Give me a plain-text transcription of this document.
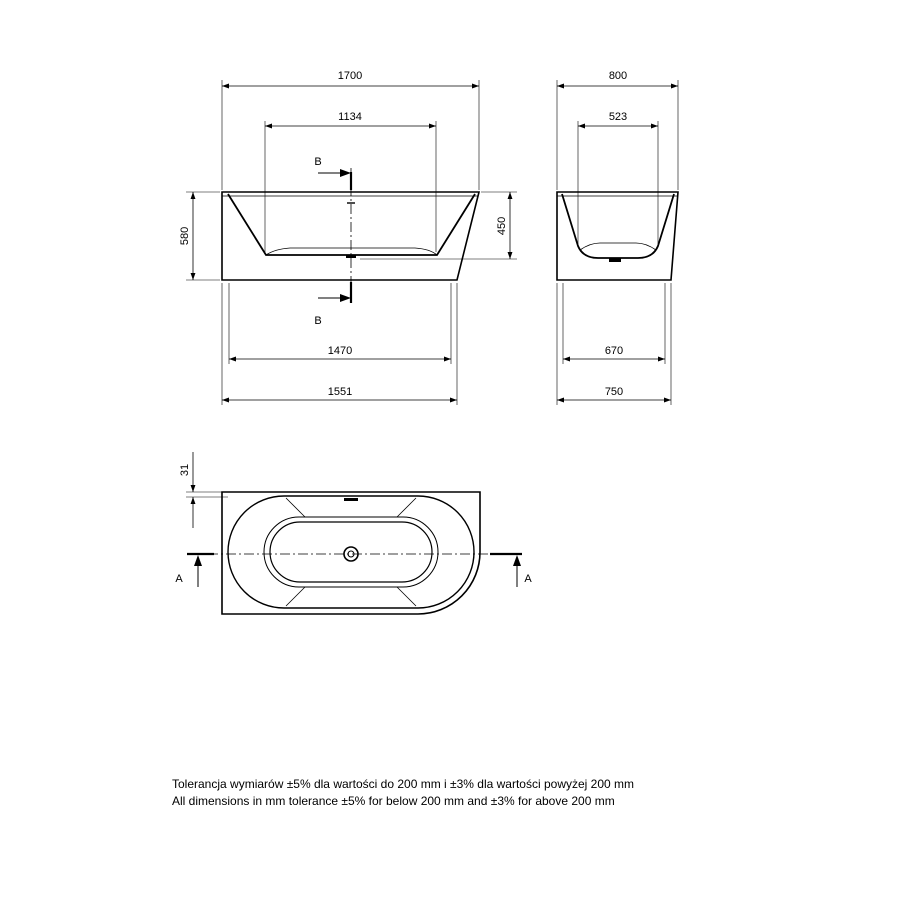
1700
1134
580
450
1470
1551
B
B
800
523
670
750
31
A	A
Tolerancja wymiarów ±5% dla wartości do 200 mm i ±3% dla wartości powyżej 200 mm
All dimensions in mm tolerance ±5% for below 200 mm and ±3% for above 200 mm
